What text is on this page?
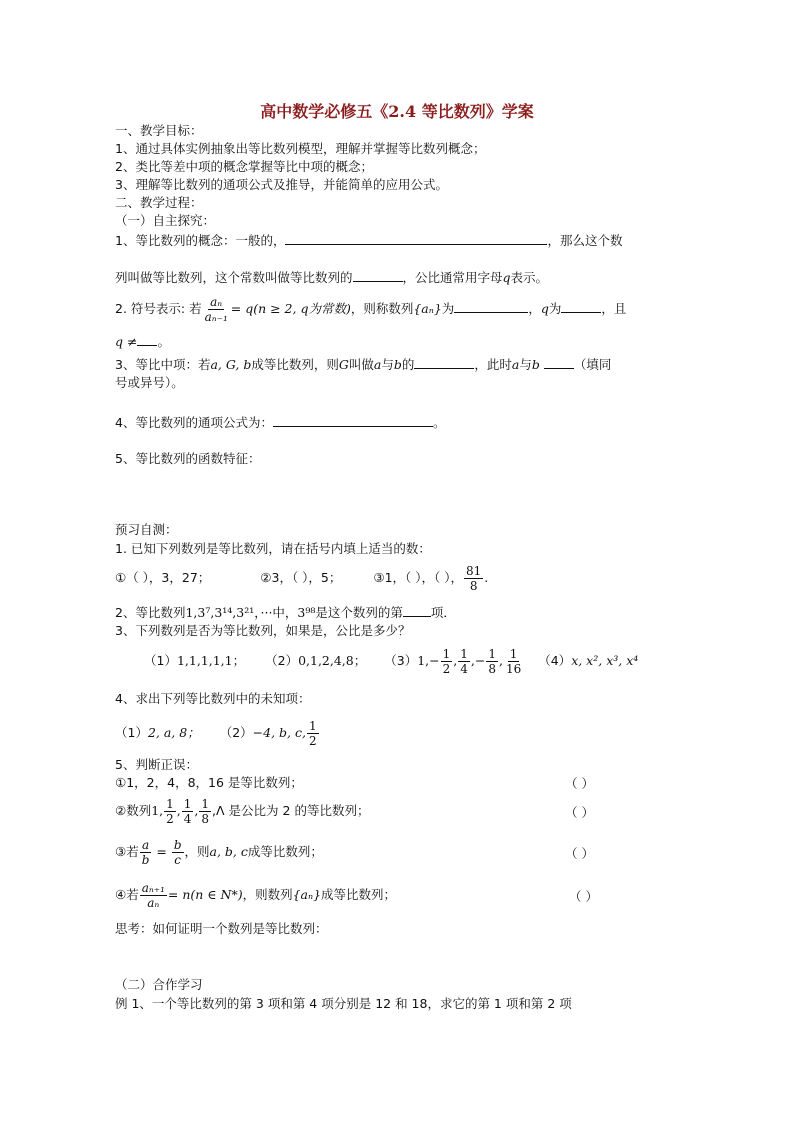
高中数学必修五《2.4 等比数列》学案
一、教学目标：
1、通过具体实例抽象出等比数列模型，理解并掌握等比数列概念；
2、类比等差中项的概念掌握等比中项的概念；
3、理解等比数列的通项公式及推导，并能简单的应用公式。
二、教学过程：
（一）自主探究：
1、等比数列的概念：一般的，	，那么这个数
列叫做等比数列，这个常数叫做等比数列的	，公比通常用字母q表示。
2. 符号表示: 若 $\frac{\text{aₙ}}{\text{aₙ₋₁}} = q(n \ge 2$, q为常数)，则称数列{aₙ}为	，q为	，且
q ≠ 。
3、等比中项：若a, G, b成等比数列，则G叫做a与b的	，此时a与b	（填同
号或异号）。
4、等比数列的通项公式为：	。
5、等比数列的函数特征：
预习自测：
1. 已知下列数列是等比数列，请在括号内填上适当的数：
①（ ），3，27；	②3，（ ），5；	③1，（ ），（ ）， $\frac{81}{8}$ .
2、等比数列1,3⁷,3¹⁴,3²¹，···中，3⁹⁸是这个数列的第 项．
3、下列数列是否为等比数列，如果是，公比是多少？
（1）1,1,1,1,1； （2）0,1,2,4,8； $(3)1,- \frac{1}{2}$ , $\frac{1}{4}$ ,− $\frac{1}{8}$ , $\frac{1}{16} (4)x$, x², x³, x⁴
4、求出下列等比数列中的未知项：
（1）2, a, 8； （2）−4, b, c, $\frac{1}{2}$
5、判断正误：
①1，2，4，8，16 是等比数列；	（ ）
②数列1, $\frac{1}{2}$ , $\frac{1}{4}$ , $\frac{1}{8} ,\Lambda$ 是公比为 2 的等比数列；	（ ）
③若 $\frac{a}{b} = \frac{b}{c}$ ，则a, b, c成等比数列；	（ ）
④若 $\frac{\text{aₙ₊₁}}{\text{aₙ}} = n(n$ ∈ N*)，则数列{aₙ}成等比数列；	（ ）
思考：如何证明一个数列是等比数列：
（二）合作学习
例 1、一个等比数列的第 3 项和第 4 项分别是 12 和 18，求它的第 1 项和第 2 项
